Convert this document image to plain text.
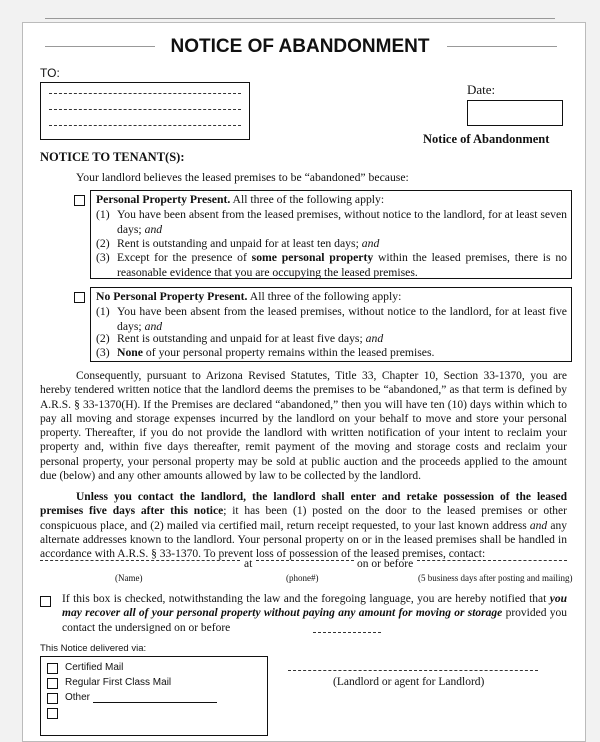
NOTICE OF ABANDONMENT
TO:
Date:
Notice of Abandonment
NOTICE TO TENANT(S):
Your landlord believes the leased premises to be “abandoned” because:
Personal Property Present. All three of the following apply:
(1) You have been absent from the leased premises, without notice to the landlord, for at least seven days; and
(2) Rent is outstanding and unpaid for at least ten days; and
(3) Except for the presence of some personal property within the leased premises, there is no reasonable evidence that you are occupying the leased premises.
No Personal Property Present. All three of the following apply:
(1) You have been absent from the leased premises, without notice to the landlord, for at least five days; and
(2) Rent is outstanding and unpaid for at least five days; and
(3) None of your personal property remains within the leased premises.
Consequently, pursuant to Arizona Revised Statutes, Title 33, Chapter 10, Section 33-1370, you are hereby tendered written notice that the landlord deems the premises to be “abandoned,” as that term is defined by A.R.S. § 33-1370(H). If the Premises are declared “abandoned,” then you will have ten (10) days within which to pay all moving and storage expenses incurred by the landlord on your behalf to move and store your personal property. Thereafter, if you do not provide the landlord with written notification of your intent to reclaim your property and, within five days thereafter, remit payment of the moving and storage costs and reclaim your personal property, your personal property may be sold at public auction and the proceeds applied to the amount due (below) and any other amounts allowed by law to be collected by the landlord.
Unless you contact the landlord, the landlord shall enter and retake possession of the leased premises five days after this notice; it has been (1) posted on the door to the leased premises or other conspicuous place, and (2) mailed via certified mail, return receipt requested, to your last known address and any alternate addresses known to the landlord. Your personal property on or in the leased premises shall be handled in accordance with A.R.S. § 33-1370. To prevent loss of possession of the leased premises, contact:
at	on or before
(Name)	(phone#)	(5 business days after posting and mailing)
If this box is checked, notwithstanding the law and the foregoing language, you are hereby notified that you may recover all of your personal property without paying any amount for moving or storage provided you contact the undersigned on or before
This Notice delivered via:
Certified Mail
Regular First Class Mail
Other
(Landlord or agent for Landlord)
